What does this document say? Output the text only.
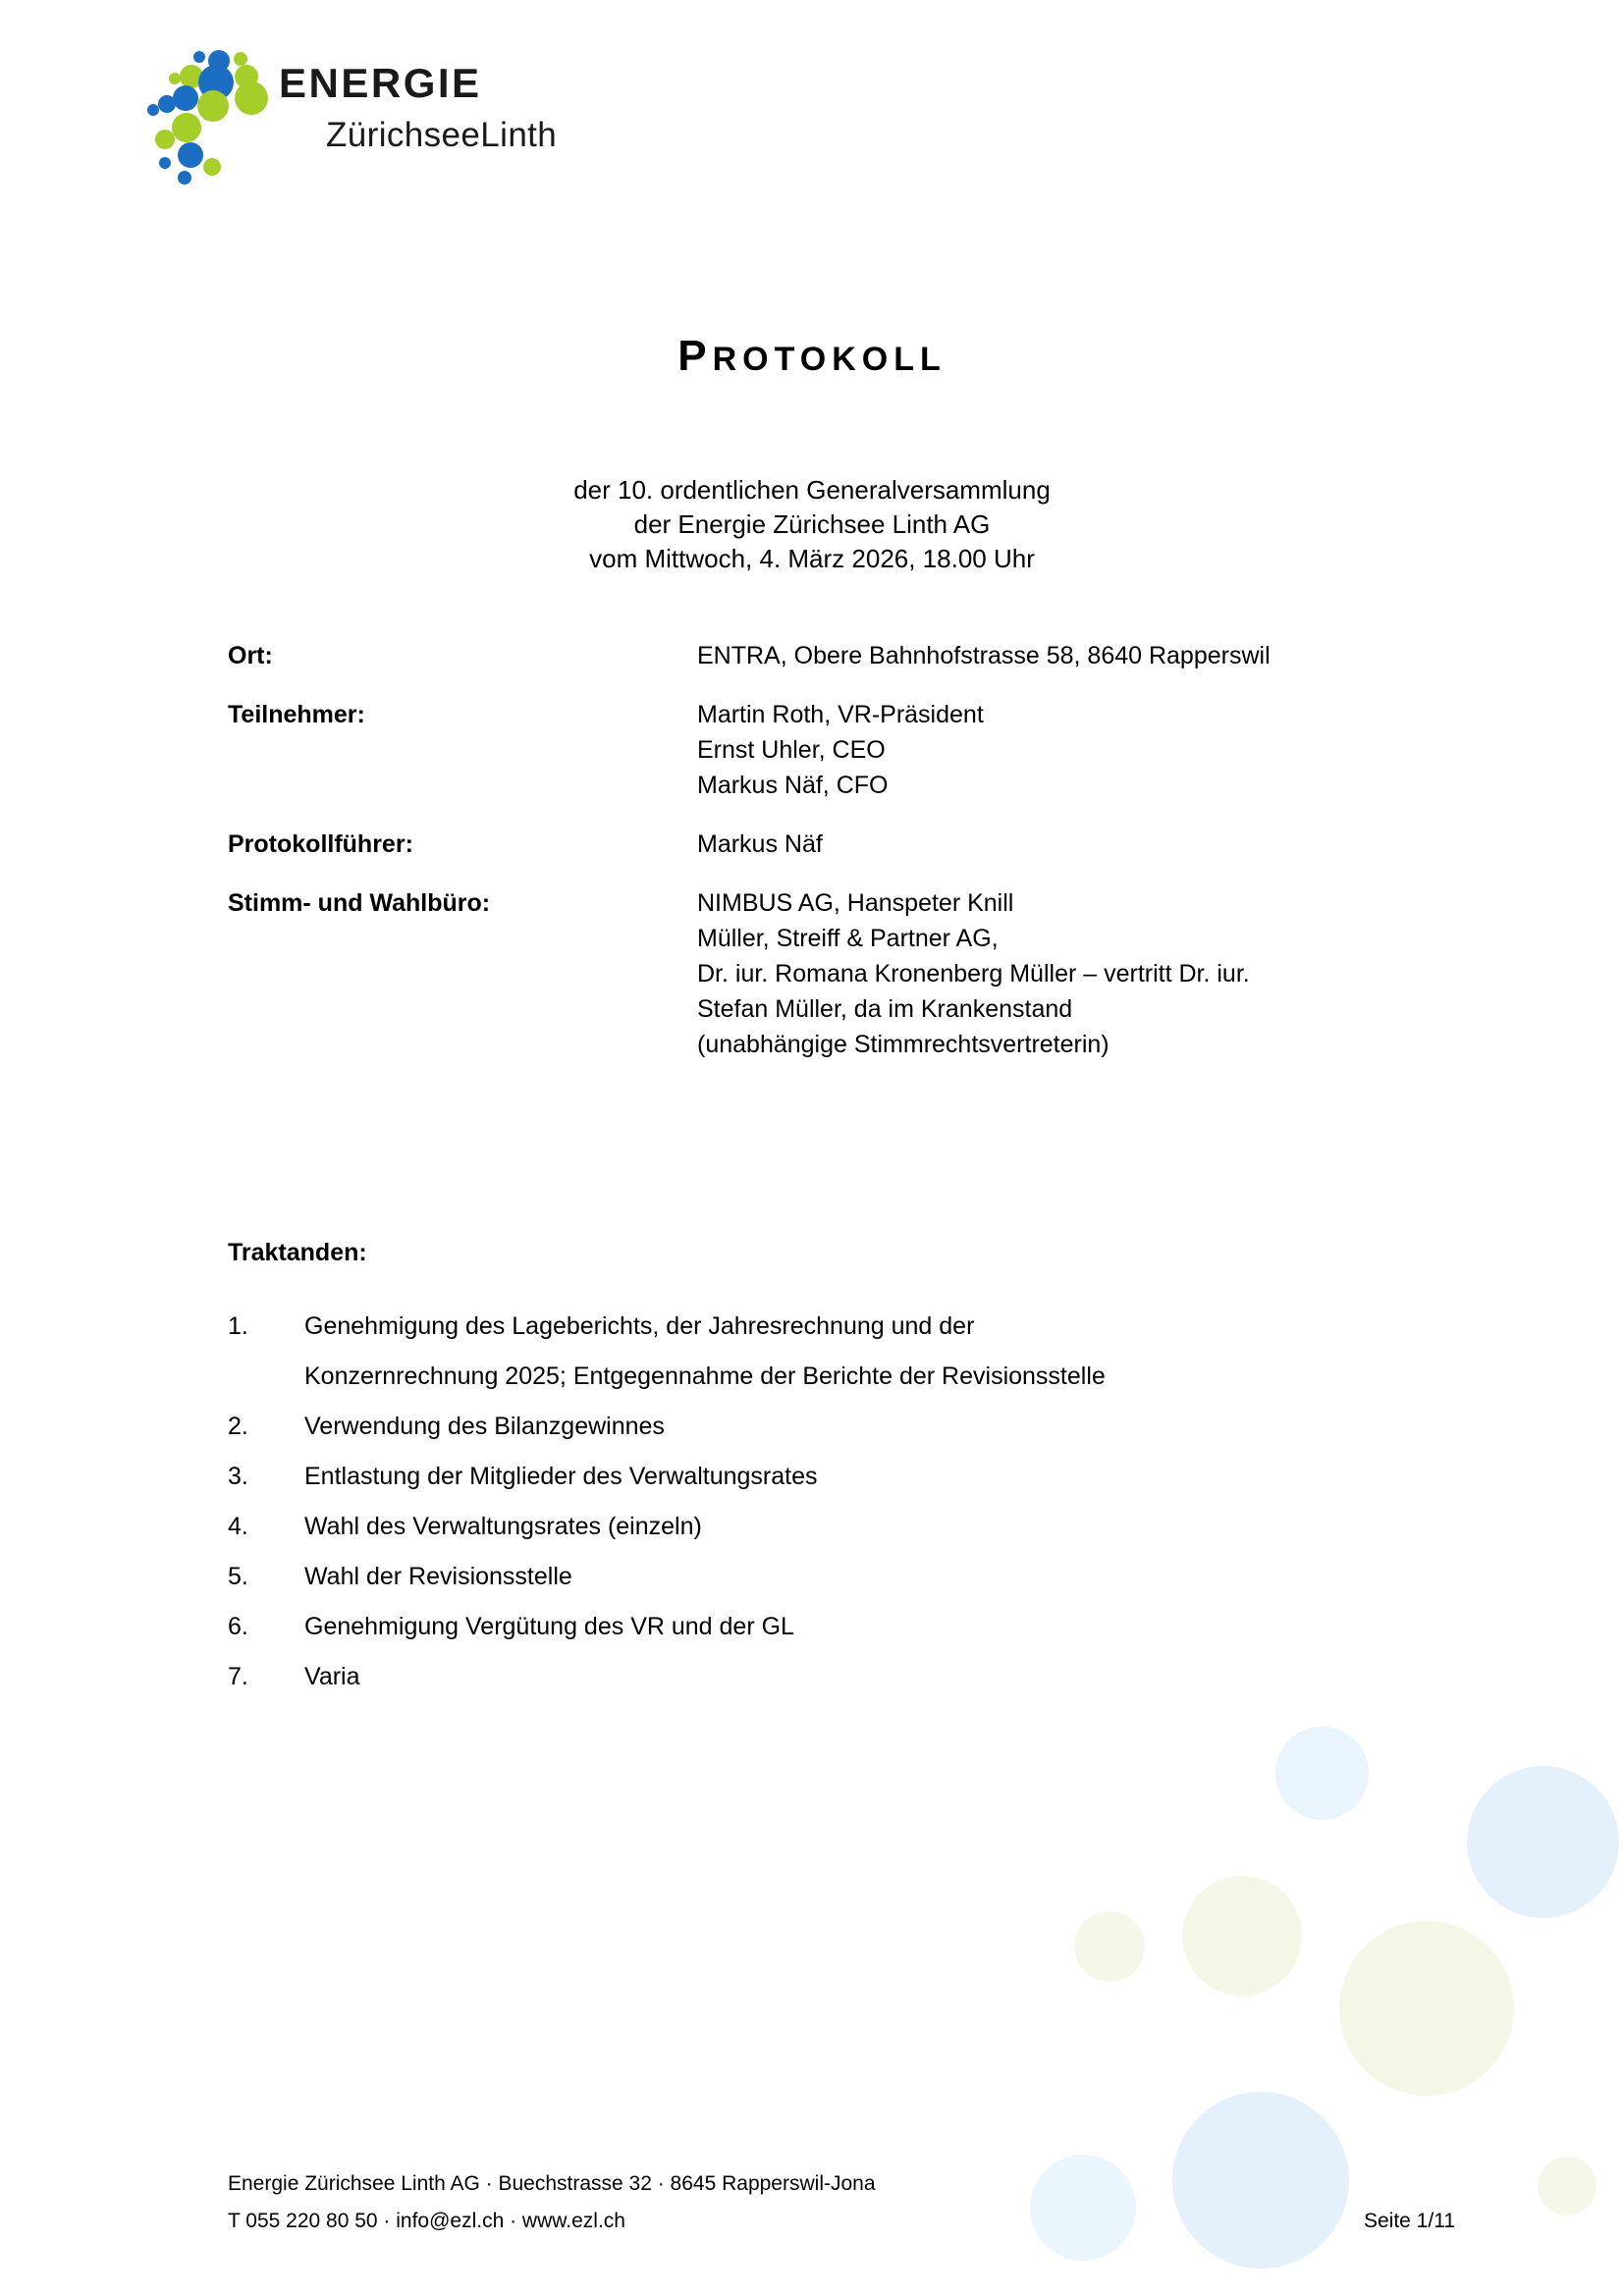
ENERGIE
ZürichseeLinth
PROTOKOLL
der 10. ordentlichen Generalversammlung
der Energie Zürichsee Linth AG
vom Mittwoch, 4. März 2026, 18.00 Uhr
Ort:	ENTRA, Obere Bahnhofstrasse 58, 8640 Rapperswil
Teilnehmer:	Martin Roth, VR-Präsident
Ernst Uhler, CEO
Markus Näf, CFO
Protokollführer:	Markus Näf
Stimm- und Wahlbüro:	NIMBUS AG, Hanspeter Knill
Müller, Streiff & Partner AG,
Dr. iur. Romana Kronenberg Müller – vertritt Dr. iur.
Stefan Müller, da im Krankenstand
(unabhängige Stimmrechtsvertreterin)
Traktanden:
1.	Genehmigung des Lageberichts, der Jahresrechnung und der
Konzernrechnung 2025; Entgegennahme der Berichte der Revisionsstelle
2.	Verwendung des Bilanzgewinnes
3.	Entlastung der Mitglieder des Verwaltungsrates
4.	Wahl des Verwaltungsrates (einzeln)
5.	Wahl der Revisionsstelle
6.	Genehmigung Vergütung des VR und der GL
7.	Varia
Energie Zürichsee Linth AG · Buechstrasse 32 · 8645 Rapperswil-Jona
T 055 220 80 50 · info@ezl.ch · www.ezl.ch	Seite 1/11
